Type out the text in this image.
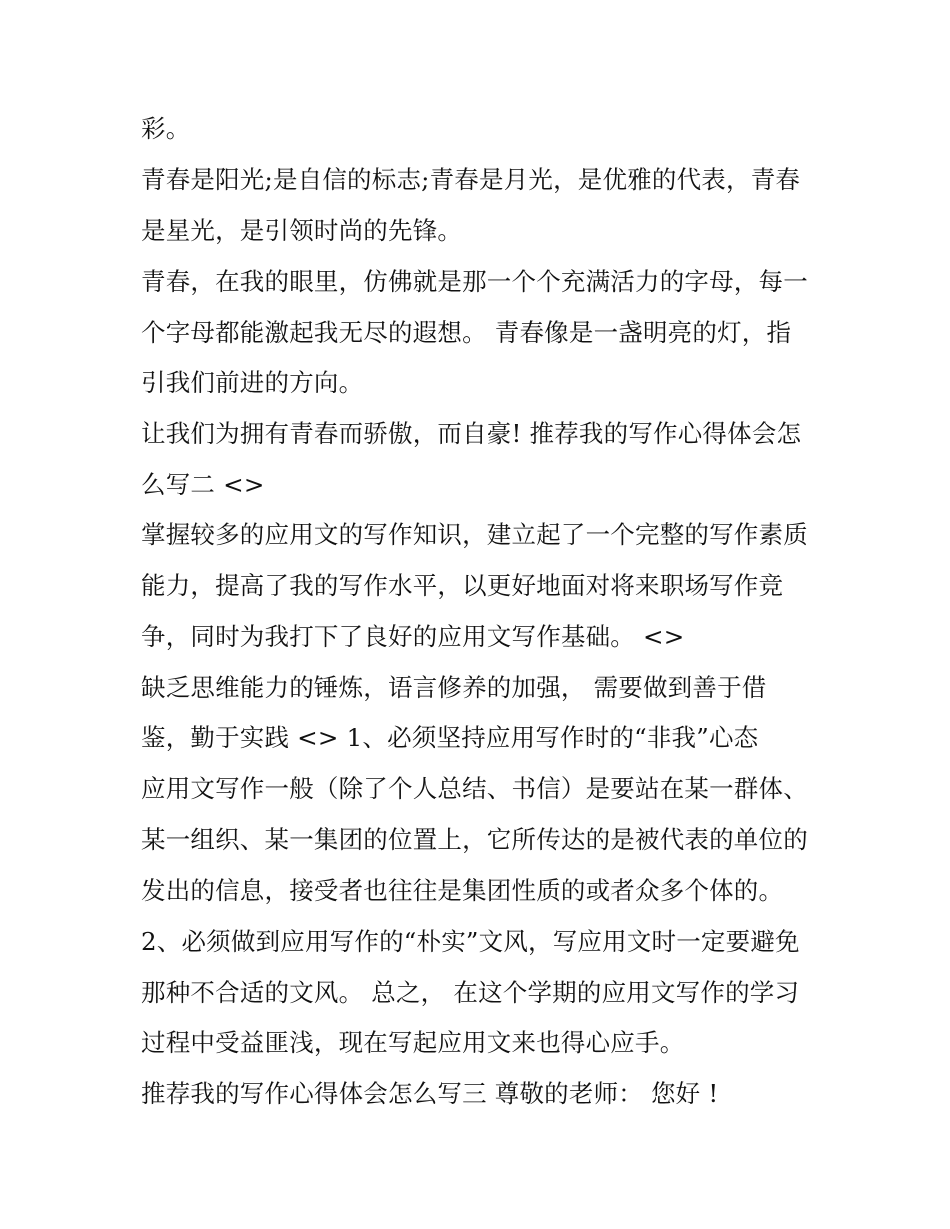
彩。
青春是阳光;是自信的标志;青春是月光，是优雅的代表，青春
是星光，是引领时尚的先锋。
青春，在我的眼里，仿佛就是那一个个充满活力的字母，每一
个字母都能激起我无尽的遐想。 青春像是一盏明亮的灯，指
引我们前进的方向。
让我们为拥有青春而骄傲，而自豪! 推荐我的写作心得体会怎
么写二 <>
掌握较多的应用文的写作知识，建立起了一个完整的写作素质
能力，提高了我的写作水平，以更好地面对将来职场写作竞
争，同时为我打下了良好的应用文写作基础。 <>
缺乏思维能力的锤炼，语言修养的加强， 需要做到善于借
鉴，勤于实践 <> 1、必须坚持应用写作时的“非我”心态
应用文写作一般（除了个人总结、书信）是要站在某一群体、
某一组织、某一集团的位置上，它所传达的是被代表的单位的
发出的信息，接受者也往往是集团性质的或者众多个体的。
2、必须做到应用写作的“朴实”文风，写应用文时一定要避免
那种不合适的文风。 总之， 在这个学期的应用文写作的学习
过程中受益匪浅，现在写起应用文来也得心应手。
推荐我的写作心得体会怎么写三 尊敬的老师： 您好 !
